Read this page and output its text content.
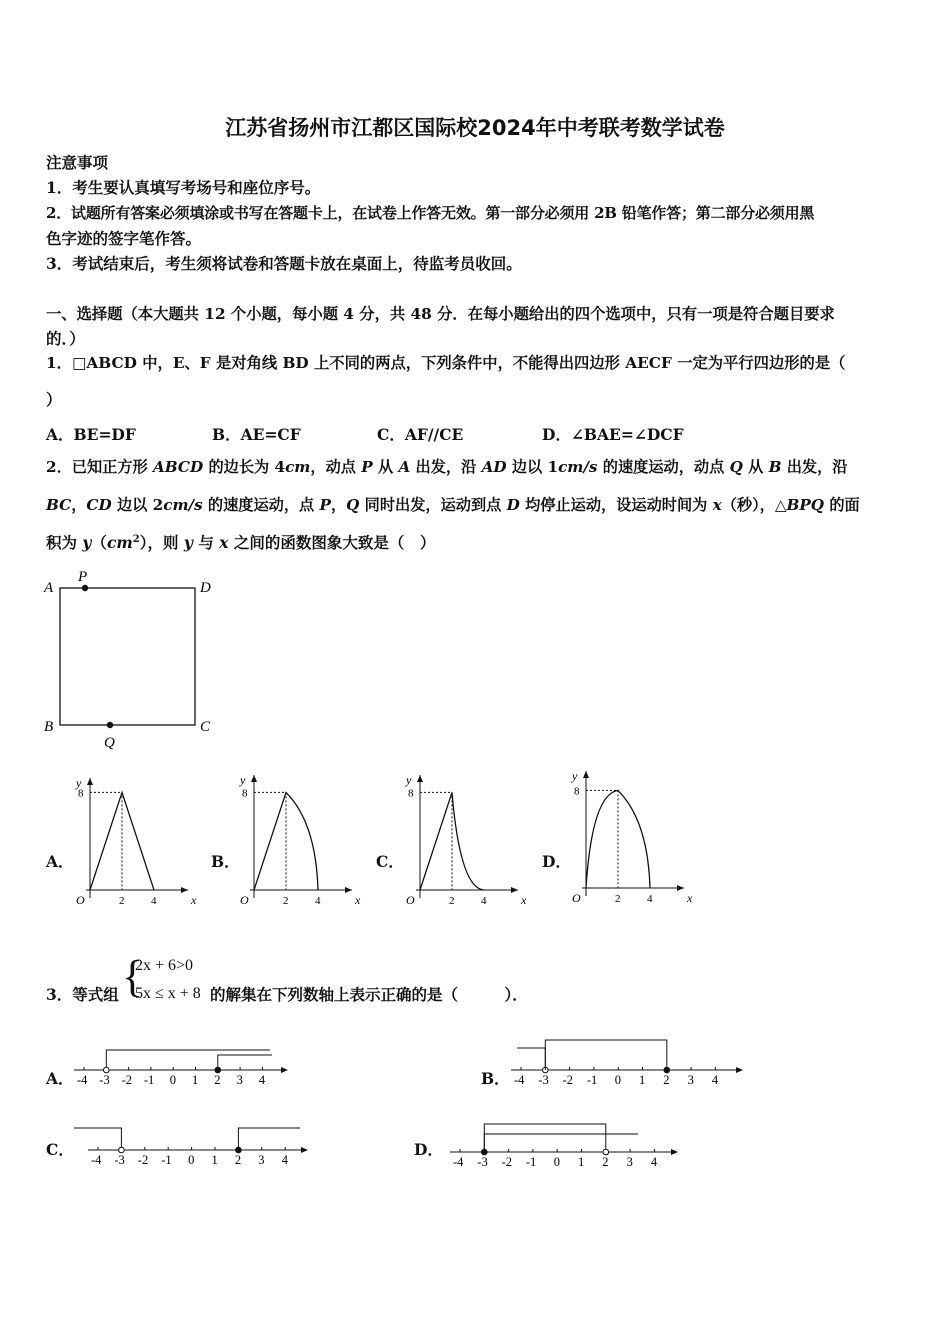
江苏省扬州市江都区国际校2024年中考联考数学试卷
注意事项
1．考生要认真填写考场号和座位序号。
2．试题所有答案必须填涂或书写在答题卡上，在试卷上作答无效。第一部分必须用 2B 铅笔作答；第二部分必须用黑
色字迹的签字笔作答。
3．考试结束后，考生须将试卷和答题卡放在桌面上，待监考员收回。
一、选择题（本大题共 12 个小题，每小题 4 分，共 48 分．在每小题给出的四个选项中，只有一项是符合题目要求
的．）
1．□ABCD 中，E、F 是对角线 BD 上不同的两点，下列条件中，不能得出四边形 AECF 一定为平行四边形的是（
）
A．BE=DF	B．AE=CF	C．AF//CE	D．∠BAE=∠DCF
2．已知正方形 ABCD 的边长为 4cm，动点 P 从 A 出发，沿 AD 边以 1cm/s 的速度运动，动点 Q 从 B 出发，沿
BC，CD 边以 2cm/s 的速度运动，点 P，Q 同时出发，运动到点 D 均停止运动，设运动时间为 x（秒），△BPQ 的面
积为 $y(cm^2)$，则 y 与 x 之间的函数图象大致是（　）
A
P
D
B
Q
C
A．	B．	C．	D．
y
x
O
8
2 4
y
x
O
8
2 4
y
x
O
8
2 4
y
x
O
8
2 4
3．等式组 {
2x + 6>0
5x ≤ x + 8 的解集在下列数轴上表示正确的是（　　　）．
A．	B．
C．	D．
-4 -3 -2 -1 0 1 2 3 4	-4 -3 -2 -1 0 1 2 3 4
-4 -3 -2 -1 0 1 2 3 4	-4 -3 -2 -1 0 1 2 3 4
